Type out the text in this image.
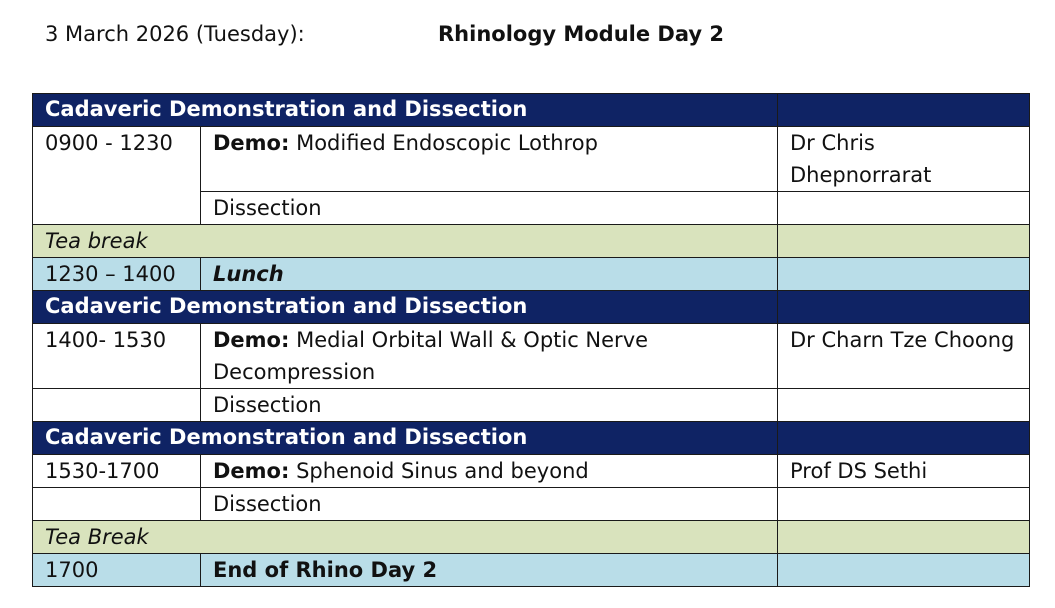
3 March 2026 (Tuesday):	Rhinology Module Day 2
Cadaveric Demonstration and Dissection		
0900 - 1230	Demo: Modified Endoscopic Lothrop	Dr Chris Dhepnorrarat
	Dissection	
Tea break		
1230 – 1400	Lunch	
Cadaveric Demonstration and Dissection		
1400- 1530	Demo: Medial Orbital Wall & Optic Nerve Decompression	Dr Charn Tze Choong
	Dissection	
Cadaveric Demonstration and Dissection		
1530-1700	Demo: Sphenoid Sinus and beyond	Prof DS Sethi
	Dissection	
Tea Break		
1700	End of Rhino Day 2	
